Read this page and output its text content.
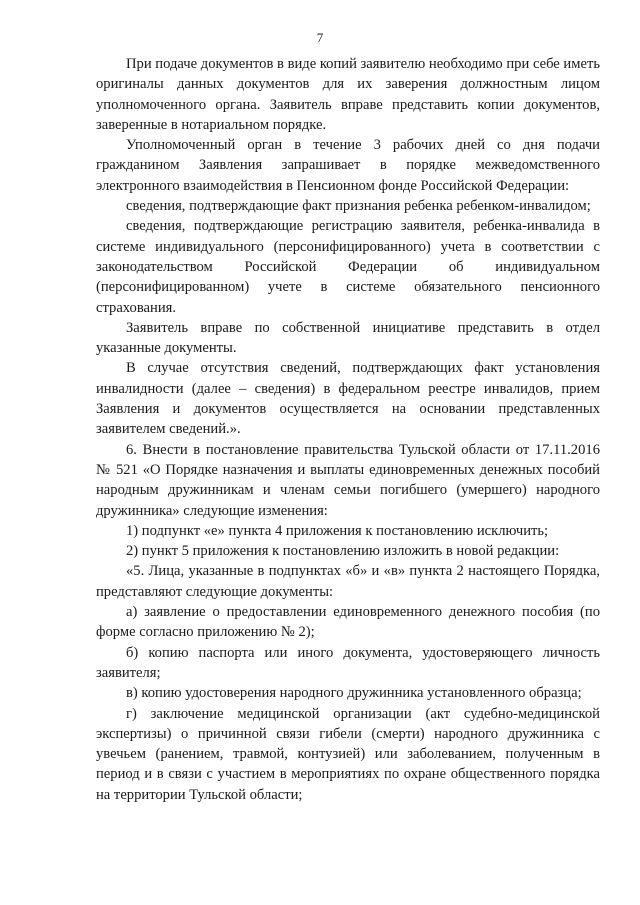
7

При подаче документов в виде копий заявителю необходимо при себе иметь оригиналы данных документов для их заверения должностным лицом уполномоченного органа. Заявитель вправе представить копии документов, заверенные в нотариальном порядке.

Уполномоченный орган в течение 3 рабочих дней со дня подачи гражданином Заявления запрашивает в порядке межведомственного электронного взаимодействия в Пенсионном фонде Российской Федерации:

сведения, подтверждающие факт признания ребенка ребенком-инвалидом;

сведения, подтверждающие регистрацию заявителя, ребенка-инвалида в системе индивидуального (персонифицированного) учета в соответствии с законодательством Российской Федерации об индивидуальном (персонифицированном) учете в системе обязательного пенсионного страхования.

Заявитель вправе по собственной инициативе представить в отдел указанные документы.

В случае отсутствия сведений, подтверждающих факт установления инвалидности (далее – сведения) в федеральном реестре инвалидов, прием Заявления и документов осуществляется на основании представленных заявителем сведений.».

6. Внести в постановление правительства Тульской области от 17.11.2016 № 521 «О Порядке назначения и выплаты единовременных денежных пособий народным дружинникам и членам семьи погибшего (умершего) народного дружинника» следующие изменения:

1) подпункт «е» пункта 4 приложения к постановлению исключить;

2) пункт 5 приложения к постановлению изложить в новой редакции:

«5. Лица, указанные в подпунктах «б» и «в» пункта 2 настоящего Порядка, представляют следующие документы:

а) заявление о предоставлении единовременного денежного пособия (по форме согласно приложению № 2);

б) копию паспорта или иного документа, удостоверяющего личность заявителя;

в) копию удостоверения народного дружинника установленного образца;

г) заключение медицинской организации (акт судебно-медицинской экспертизы) о причинной связи гибели (смерти) народного дружинника с увечьем (ранением, травмой, контузией) или заболеванием, полученным в период и в связи с участием в мероприятиях по охране общественного порядка на территории Тульской области;
